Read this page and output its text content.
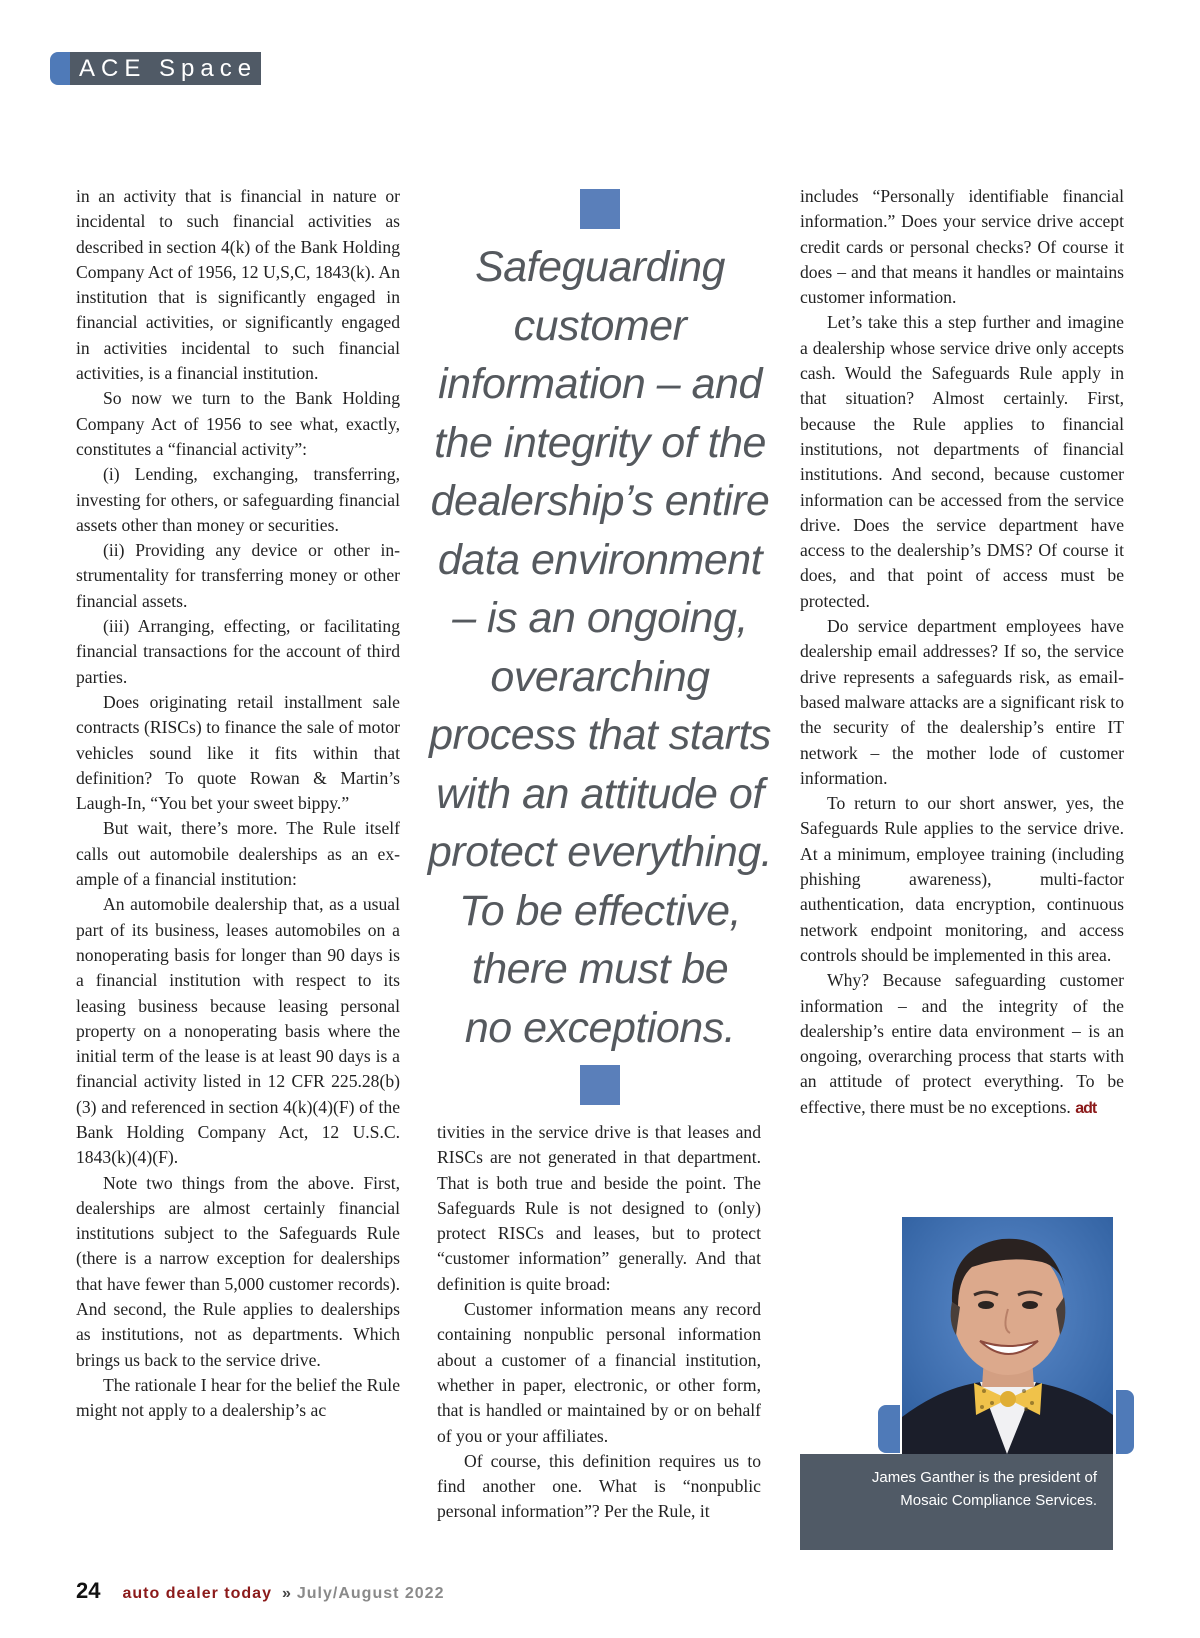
ACE Space

in an activity that is financial in nature or incidental to such financial activities as described in section 4(k) of the Bank Holding Company Act of 1956, 12 U,S,C, 1843(k). An institution that is significantly engaged in financial activities, or significantly engaged in activities incidental to such financial activities, is a financial institution.

So now we turn to the Bank Holding Company Act of 1956 to see what, exactly, constitutes a “financial activity”:

(i) Lending, exchanging, transferring, investing for others, or safeguarding financial assets other than money or securities.

(ii) Providing any device or other instrumentality for transferring money or other financial assets.

(iii) Arranging, effecting, or facilitating financial transactions for the account of third parties.

Does originating retail installment sale contracts (RISCs) to finance the sale of motor vehicles sound like it fits within that definition? To quote Rowan & Martin’s Laugh-In, “You bet your sweet bippy.”

But wait, there’s more. The Rule itself calls out automobile dealerships as an example of a financial institution:

An automobile dealership that, as a usual part of its business, leases automobiles on a nonoperating basis for longer than 90 days is a financial institution with respect to its leasing business because leasing personal property on a nonoperating basis where the initial term of the lease is at least 90 days is a financial activity listed in 12 CFR 225.28(b)(3) and referenced in section 4(k)(4)(F) of the Bank Holding Company Act, 12 U.S.C. 1843(k)(4)(F).

Note two things from the above. First, dealerships are almost certainly financial institutions subject to the Safeguards Rule (there is a narrow exception for dealerships that have fewer than 5,000 customer records). And second, the Rule applies to dealerships as institutions, not as departments. Which brings us back to the service drive.

The rationale I hear for the belief the Rule might not apply to a dealership’s ac

Safeguarding
customer
information – and
the integrity of the
dealership’s entire
data environment
– is an ongoing,
overarching
process that starts
with an attitude of
protect everything.
To be effective,
there must be
no exceptions.

tivities in the service drive is that leases and RISCs are not generated in that department. That is both true and beside the point. The Safeguards Rule is not designed to (only) protect RISCs and leases, but to protect “customer information” generally. And that definition is quite broad:

Customer information means any record containing nonpublic personal information about a customer of a financial institution, whether in paper, electronic, or other form, that is handled or maintained by or on behalf of you or your affiliates.

Of course, this definition requires us to find another one. What is “nonpublic personal information”? Per the Rule, it

includes “Personally identifiable financial information.” Does your service drive accept credit cards or personal checks? Of course it does – and that means it handles or maintains customer information.

Let’s take this a step further and imagine a dealership whose service drive only accepts cash. Would the Safeguards Rule apply in that situation? Almost certainly. First, because the Rule applies to financial institutions, not departments of financial institutions. And second, because customer information can be accessed from the service drive. Does the service department have access to the dealership’s DMS? Of course it does, and that point of access must be protected.

Do service department employees have dealership email addresses? If so, the service drive represents a safeguards risk, as email-based malware attacks are a significant risk to the security of the dealership’s entire IT network – the mother lode of customer information.

To return to our short answer, yes, the Safeguards Rule applies to the service drive. At a minimum, employee training (including phishing awareness), multi-factor authentication, data encryption, continuous network endpoint monitoring, and access controls should be implemented in this area.

Why? Because safeguarding customer information – and the integrity of the dealership’s entire data environment – is an ongoing, overarching process that starts with an attitude of protect everything. To be effective, there must be no exceptions. adt

James Ganther is the president of
Mosaic Compliance Services.
24 auto dealer today » July/August 2022
